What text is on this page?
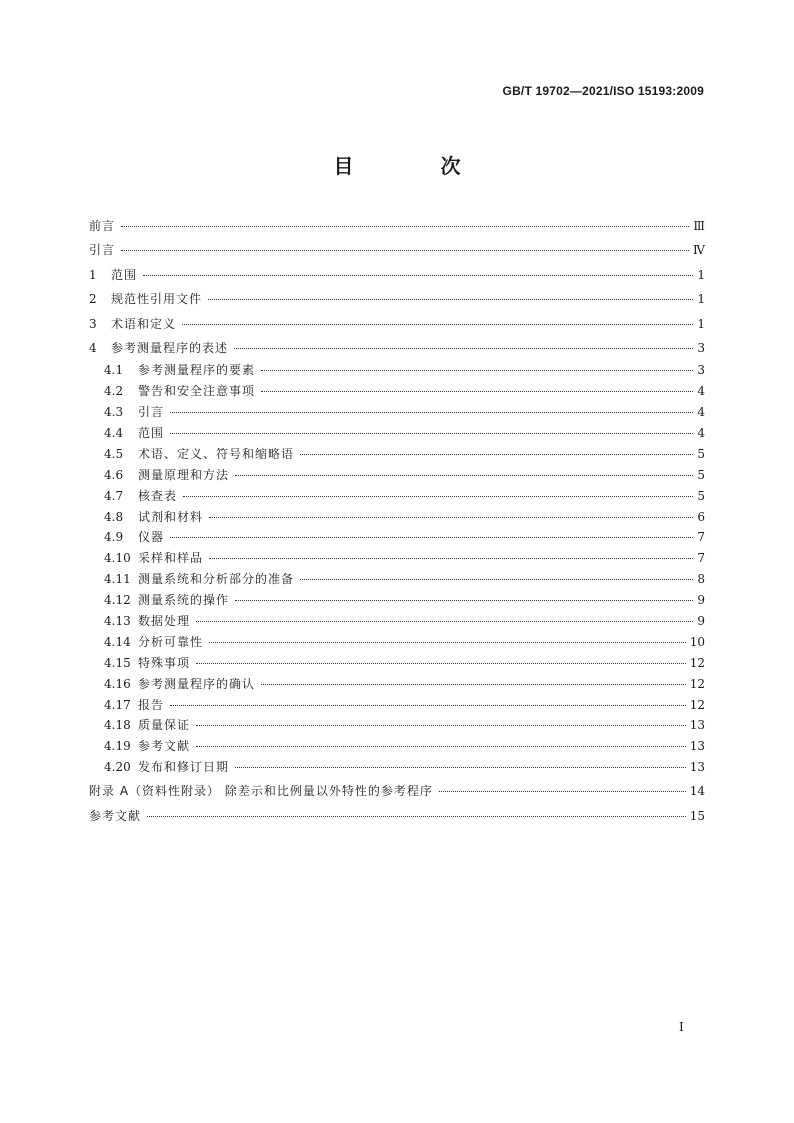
GB/T 19702—2021/ISO 15193:2009
目 次
前言	Ⅲ
引言	Ⅳ
1	范围	1
2	规范性引用文件	1
3	术语和定义	1
4	参考测量程序的表述	3
4.1	参考测量程序的要素	3
4.2	警告和安全注意事项	4
4.3	引言	4
4.4	范围	4
4.5	术语、定义、符号和缩略语	5
4.6	测量原理和方法	5
4.7	核查表	5
4.8	试剂和材料	6
4.9	仪器	7
4.10 采样和样品	7
4.11 测量系统和分析部分的准备	8
4.12 测量系统的操作	9
4.13 数据处理	9
4.14 分析可靠性	10
4.15 特殊事项	12
4.16 参考测量程序的确认	12
4.17 报告	12
4.18 质量保证	13
4.19 参考文献	13
4.20 发布和修订日期	13
附录 A（资料性附录） 除差示和比例量以外特性的参考程序	14
参考文献	15
I
